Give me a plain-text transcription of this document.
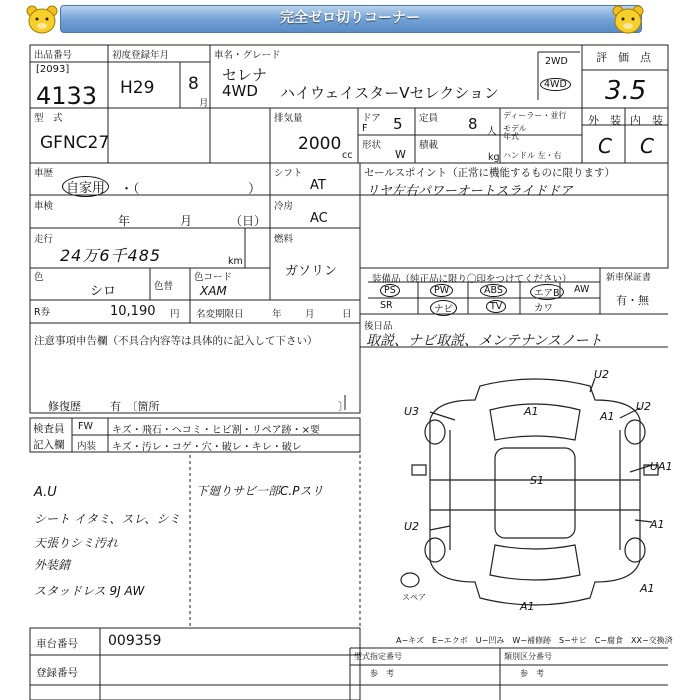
完全ゼロ切りコーナー
出品番号
[2093]
4133
初度登録年月
H29 8
月
車名・グレード
セレナ
4WD ハイウェイスターVセレクション
2WD
4WD
評　価　点
3.5
型　式
GFNC27
排気量
2000
cc
ドア 5
F
定員 8 人
形状
W
積載
kg
ディーラー・並行
モデル年式
ハンドル 左・右
外　装 内　装
C C
車歴
自家用	・（	）
シフト
AT
車検
年	月	（日）
冷房
AC
走行
24万6千485	km
燃料
ガソリン
色
シロ	色替
色コード
XAM
R券	10,190 円 名変期限日	年 月	日
セールスポイント（正常に機能するものに限ります）
リヤ左右パワーオートスライドドア
装備品（純正品に限り〇印をつけてください）
PS	PW	ABS	エアB	AW
SR	ナビ	TV	カワ
新車保証書
有・無
注意事項申告欄（不具合内容等は具体的に記入して下さい）
修復歴	有　〔箇所	〕
後日品
取説、ナビ取説、メンテナンスノート
検査員
記入欄
FW キズ・飛石・ヘコミ・ヒビ割・リペア跡・×要
内装 キズ・汚レ・コゲ・穴・破レ・キレ・破レ
A.U
シート イタミ、スレ、シミ
天張りシミ汚れ
外装錆
スタッドレス 9J AW
下廻りサビ一部C.Pスリ
U2
U3	A1	U2
A1
UA1
S1
U2	A1
A1
A1
スペア
車台番号 009359
登録番号
A−キズ　E−エクボ　U−凹み　W−補修跡　S−サビ　C−腐食　XX−交換済
型式指定番号	類別区分番号
参　考	参　考
